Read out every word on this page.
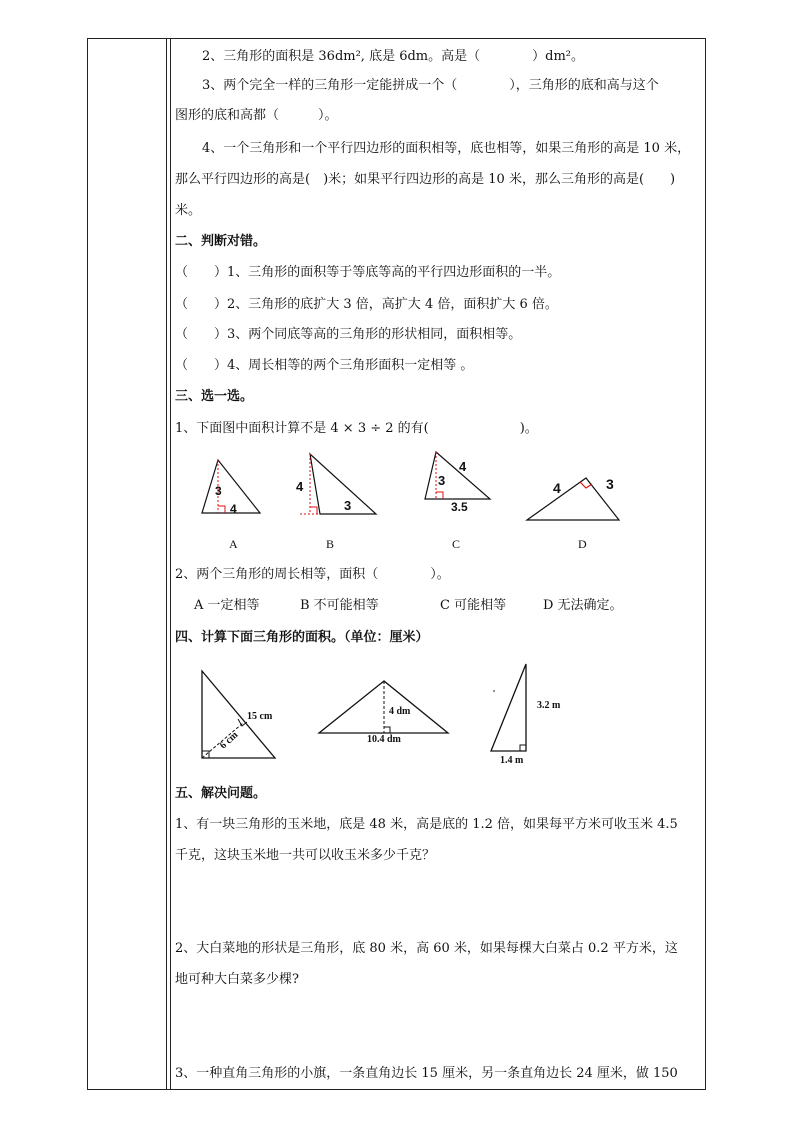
2、三角形的面积是 36dm², 底是 6dm。高是（　　　　）dm²。
3、两个完全一样的三角形一定能拼成一个（　　　　），三角形的底和高与这个
图形的底和高都（　　　）。
4、一个三角形和一个平行四边形的面积相等，底也相等，如果三角形的高是 10 米，
那么平行四边形的高是(　)米；如果平行四边形的高是 10 米，那么三角形的高是(　　)
米。
二、判断对错。
（　　）1、三角形的面积等于等底等高的平行四边形面积的一半。
（　　）2、三角形的底扩大 3 倍，高扩大 4 倍，面积扩大 6 倍。
（　　）3、两个同底等高的三角形的形状相同，面积相等。
（　　）4、周长相等的两个三角形面积一定相等 。
三、选一选。
1、下面图中面积计算不是 4 × 3 ÷ 2 的有(　　　　　　　)。
3
4
4
3
3
4
3.5
4	3
A	B	C	D
2、两个三角形的周长相等，面积（　　　　）。
A 一定相等	B 不可能相等	C 可能相等	D 无法确定。
四、计算下面三角形的面积。（单位：厘米）
15 cm
6 cm
4 dm
10.4 dm
3.2 m
1.4 m
五、解决问题。
1、有一块三角形的玉米地，底是 48 米，高是底的 1.2 倍，如果每平方米可收玉米 4.5
千克，这块玉米地一共可以收玉米多少千克？
2、大白菜地的形状是三角形，底 80 米，高 60 米，如果每棵大白菜占 0.2 平方米，这
地可种大白菜多少棵?
3、一种直角三角形的小旗，一条直角边长 15 厘米，另一条直角边长 24 厘米，做 150
